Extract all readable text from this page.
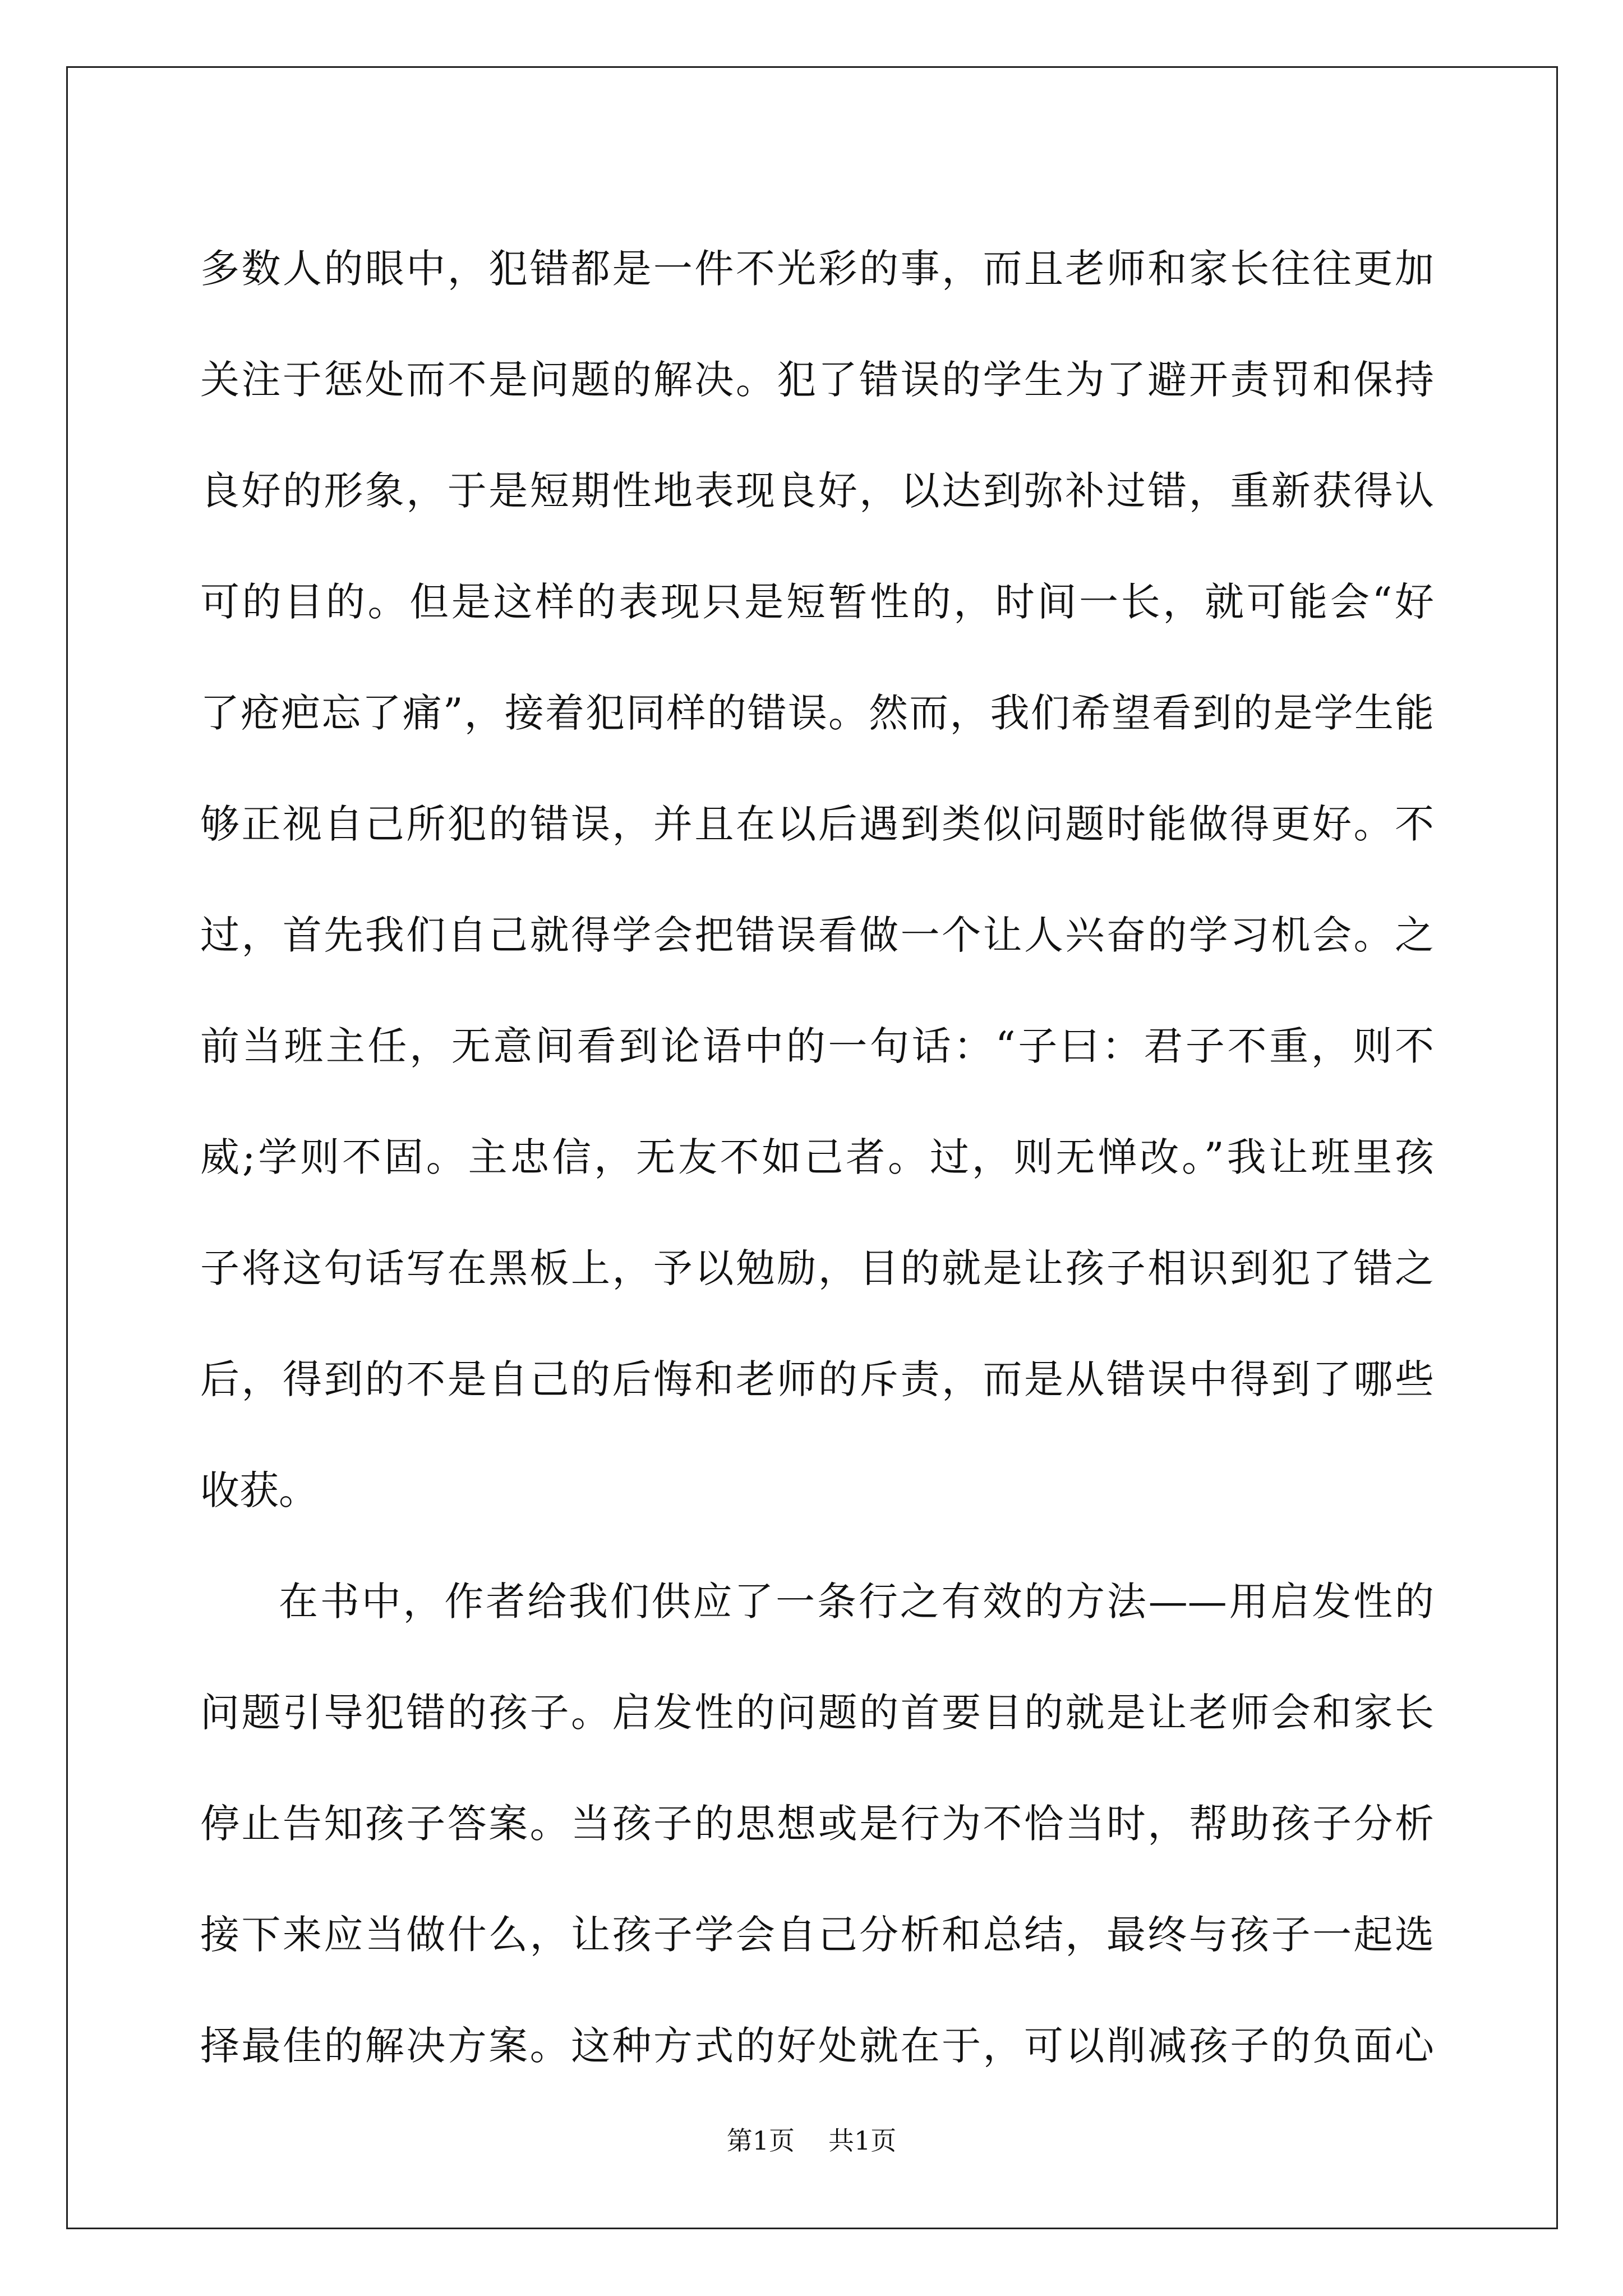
多数人的眼中，犯错都是一件不光彩的事，而且老师和家长往往更加
关注于惩处而不是问题的解决。犯了错误的学生为了避开责罚和保持
良好的形象，于是短期性地表现良好，以达到弥补过错，重新获得认
可的目的。但是这样的表现只是短暂性的，时间一长，就可能会“好
了疮疤忘了痛”，接着犯同样的错误。然而，我们希望看到的是学生能
够正视自己所犯的错误，并且在以后遇到类似问题时能做得更好。不
过，首先我们自己就得学会把错误看做一个让人兴奋的学习机会。之
前当班主任，无意间看到论语中的一句话：“子曰：君子不重，则不
威;学则不固。主忠信，无友不如己者。过，则无惮改。”我让班里孩
子将这句话写在黑板上，予以勉励，目的就是让孩子相识到犯了错之
后，得到的不是自己的后悔和老师的斥责，而是从错误中得到了哪些
收获。

在书中，作者给我们供应了一条行之有效的方法——用启发性的
问题引导犯错的孩子。启发性的问题的首要目的就是让老师会和家长
停止告知孩子答案。当孩子的思想或是行为不恰当时，帮助孩子分析
接下来应当做什么，让孩子学会自己分析和总结，最终与孩子一起选
择最佳的解决方案。这种方式的好处就在于，可以削减孩子的负面心

第1页 共1页
